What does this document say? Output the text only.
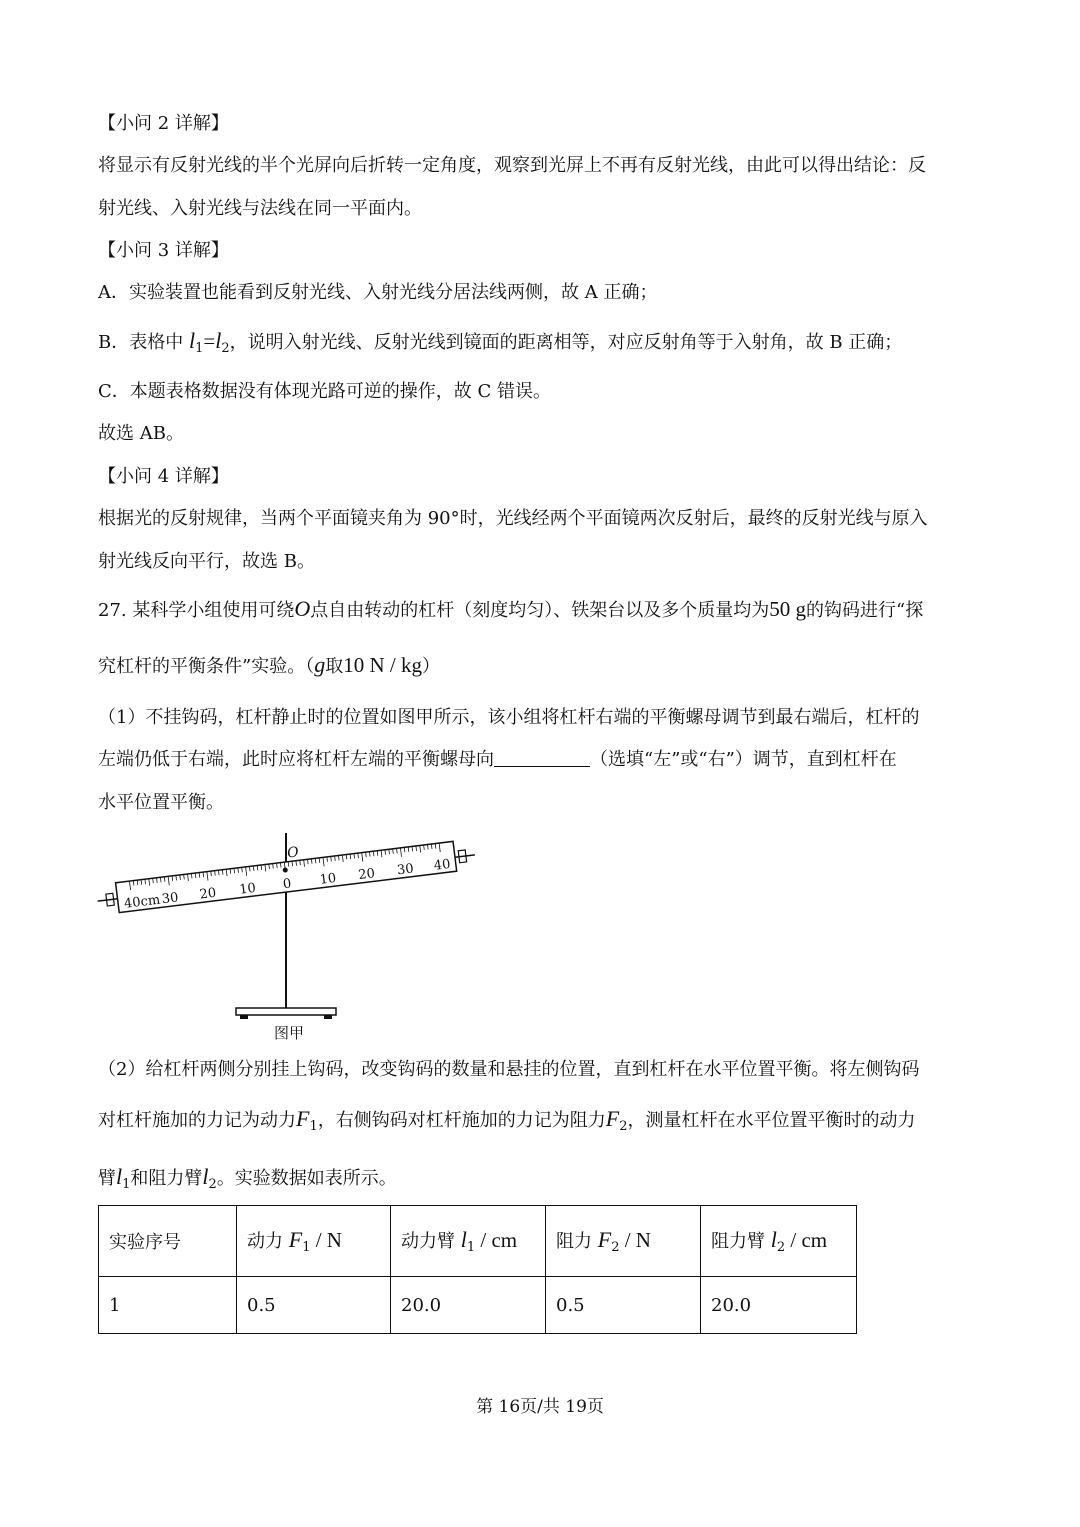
【小问 2 详解】
将显示有反射光线的半个光屏向后折转一定角度，观察到光屏上不再有反射光线，由此可以得出结论：反
射光线、入射光线与法线在同一平面内。
【小问 3 详解】
A．实验装置也能看到反射光线、入射光线分居法线两侧，故 A 正确；
B．表格中 $l_1=l_2$，说明入射光线、反射光线到镜面的距离相等，对应反射角等于入射角，故 B 正确；
C．本题表格数据没有体现光路可逆的操作，故 C 错误。
故选 AB。
【小问 4 详解】
根据光的反射规律，当两个平面镜夹角为 90°时，光线经两个平面镜两次反射后，最终的反射光线与原入
射光线反向平行，故选 B。
27. 某科学小组使用可绕O点自由转动的杠杆（刻度均匀）、铁架台以及多个质量均为50 g的钩码进行“探
究杠杆的平衡条件”实验。（g取10 N / kg）
（1）不挂钩码，杠杆静止时的位置如图甲所示，该小组将杠杆右端的平衡螺母调节到最右端后，杠杆的
左端仍低于右端，此时应将杠杆左端的平衡螺母向	（选填“左”或“右”）调节，直到杠杆在
水平位置平衡。
图甲
40cm 30 20 10 0 10 20 30 40
O
（2）给杠杆两侧分别挂上钩码，改变钩码的数量和悬挂的位置，直到杠杆在水平位置平衡。将左侧钩码
对杠杆施加的力记为动力$F_1$，右侧钩码对杠杆施加的力记为阻力$F_2$，测量杠杆在水平位置平衡时的动力
臂$l_1$和阻力臂$l_2$。实验数据如表所示。
实验序号	动力 $F_1$ / N	动力臂 $l_1$ / cm	阻力 $F_2$ / N	阻力臂 $l_2$ / cm
1	0.5	20.0	0.5	20.0
第 16页/共 19页
